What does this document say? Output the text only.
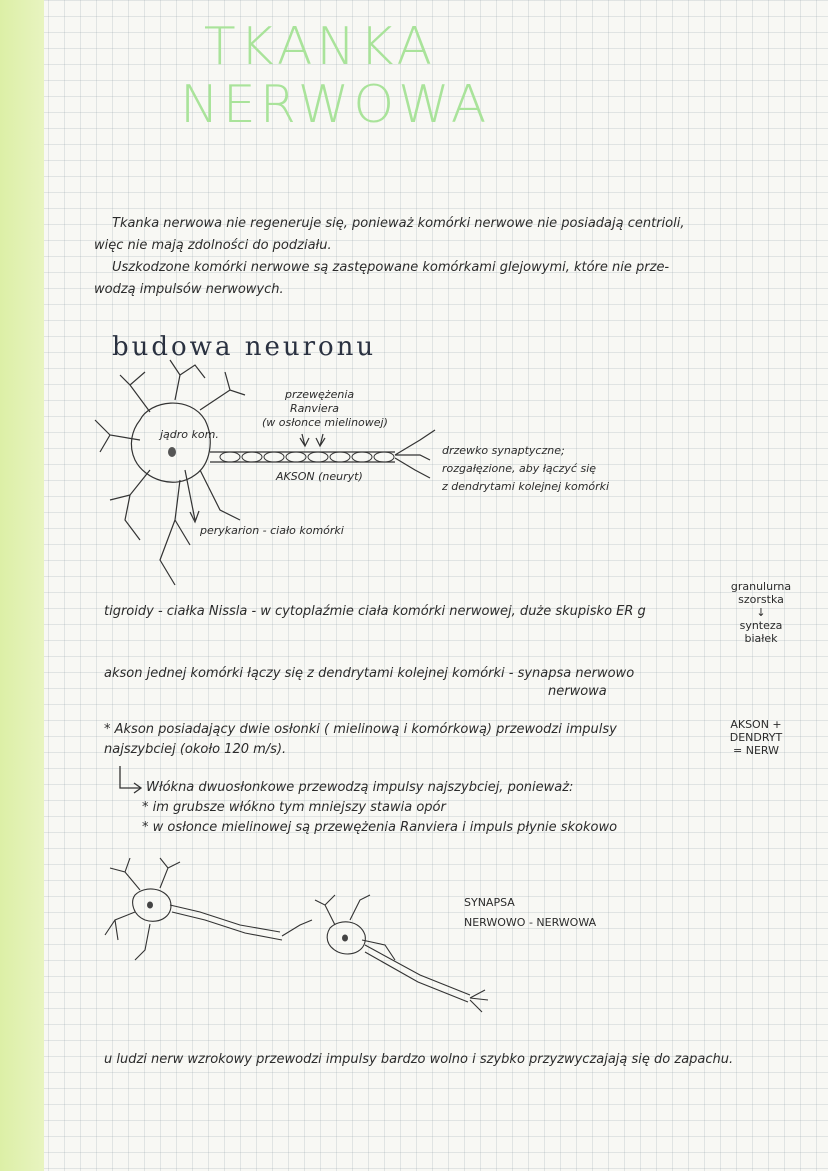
TKANKA
NERWOWA
Tkanka nerwowa nie regeneruje się, ponieważ komórki nerwowe nie posiadają centrioli,
więc nie mają zdolności do podziału.
Uszkodzone komórki nerwowe są zastępowane komórkami glejowymi, które nie prze-
wodzą impulsów nerwowych.
budowa neuronu
jądro kom.
przewężenia
Ranviera
(w osłonce mielinowej)
AKSON (neuryt)
drzewko synaptyczne;
rozgałęzione, aby łączyć się
z dendrytami kolejnej komórki
perykarion - ciało komórki
tigroidy - ciałka Nissla - w cytoplaźmie ciała komórki nerwowej, duże skupisko ER g
akson jednej komórki łączy się z dendrytami kolejnej komórki - synapsa nerwowo
nerwowa
* Akson posiadający dwie osłonki ( mielinową i komórkową) przewodzi impulsy
najszybciej (około 120 m/s).
Włókna dwuosłonkowe przewodzą impulsy najszybciej, ponieważ:
* im grubsze włókno tym mniejszy stawia opór
* w osłonce mielinowej są przewężenia Ranviera i impuls płynie skokowo
SYNAPSA
NERWOWO - NERWOWA
u ludzi nerw wzrokowy przewodzi impulsy bardzo wolno i szybko przyzwyczajają się do zapachu.
granulurna
szorstka
↓
synteza
białek
AKSON +
DENDRYT
= NERW
